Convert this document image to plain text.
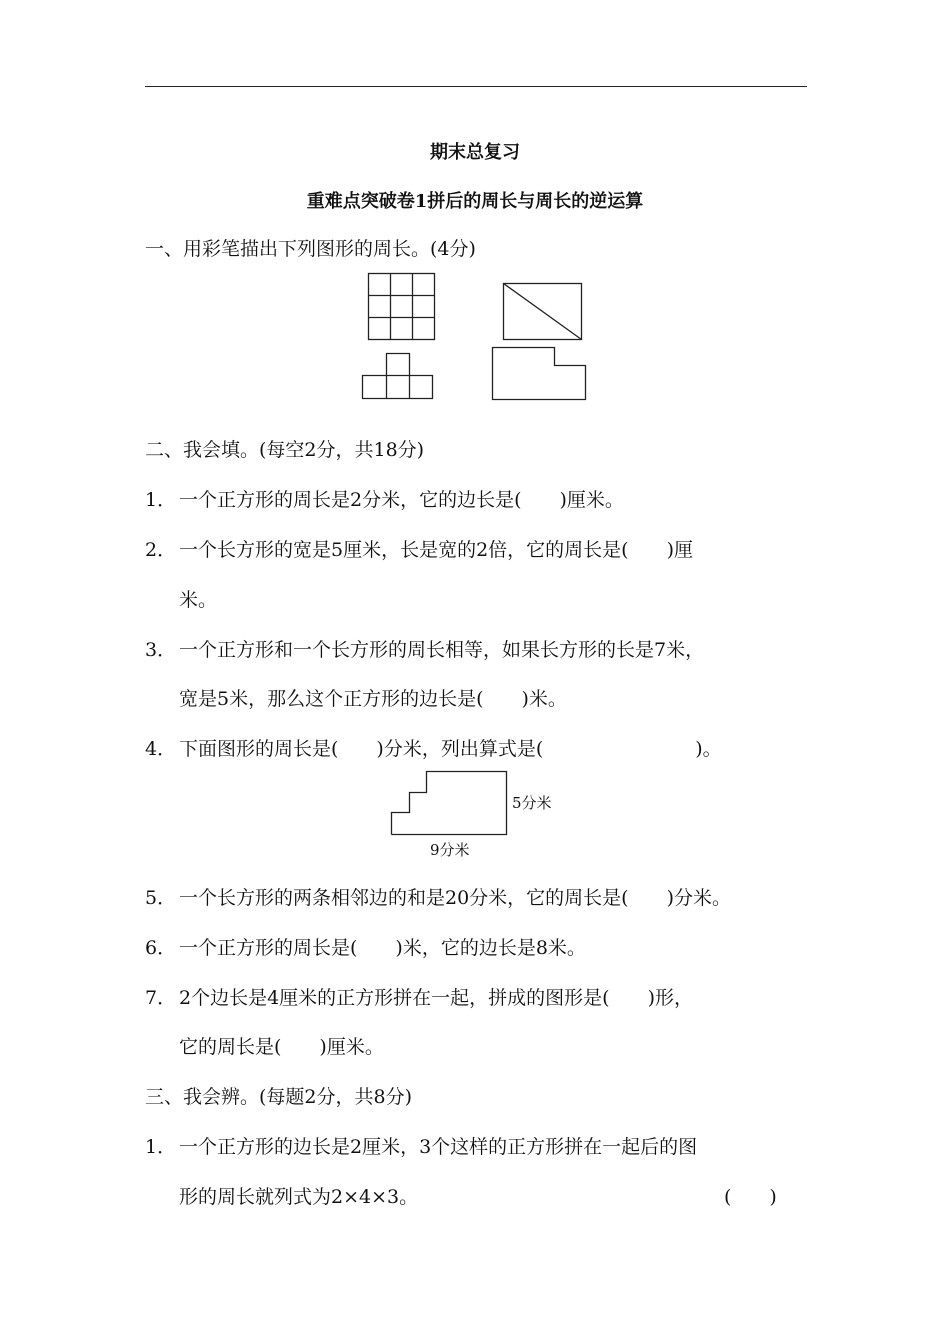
期末总复习
重难点突破卷1拼后的周长与周长的逆运算
一、用彩笔描出下列图形的周长。(4分)
二、我会填。(每空2分，共18分)
1． 一个正方形的周长是2分米，它的边长是(　　)厘米。
2． 一个长方形的宽是5厘米，长是宽的2倍，它的周长是(　　)厘
米。
3． 一个正方形和一个长方形的周长相等，如果长方形的长是7米，
宽是5米，那么这个正方形的边长是(　　)米。
4． 下面图形的周长是(　　)分米，列出算式是(　　　　　　　　)。
5分米
9分米
5． 一个长方形的两条相邻边的和是20分米，它的周长是(　　)分米。
6． 一个正方形的周长是(　　)米，它的边长是8米。
7． 2个边长是4厘米的正方形拼在一起，拼成的图形是(　　)形，
它的周长是(　　)厘米。
三、我会辨。(每题2分，共8分)
1． 一个正方形的边长是2厘米，3个这样的正方形拼在一起后的图
形的周长就列式为2×4×3。	(　　)
